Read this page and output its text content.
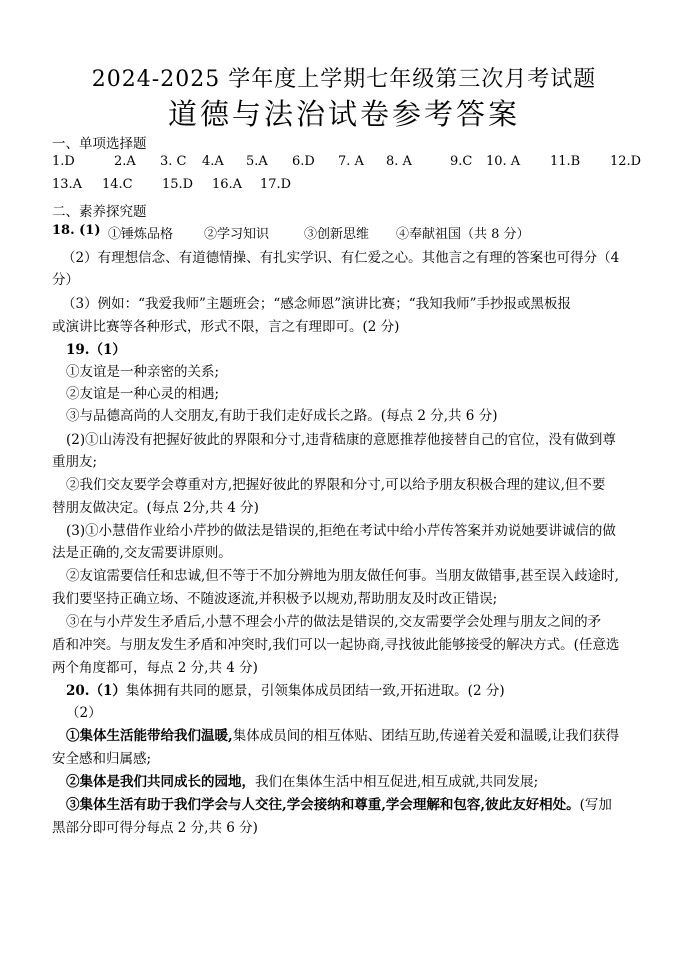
2024-2025 学年度上学期七年级第三次月考试题
道德与法治试卷参考答案
一、单项选择题
1.D	2.A 3. C 4.A 5.A 6.D 7. A 8. A	9.C 10. A 11.B 12.D
13.A 14.C 15.D 16.A 17.D
二、素养探究题
18. (1) ①锤炼品格 ②学习知识	③创新思维 ④奉献祖国（共 8 分）
（2）有理想信念、有道德情操、有扎实学识、有仁爱之心。其他言之有理的答案也可得分（4
分）
（3）例如：“我爱我师”主题班会；“感念师恩”演讲比赛；“我知我师”手抄报或黑板报
或演讲比赛等各种形式，形式不限，言之有理即可。(2 分)
19.（1）
①友谊是一种亲密的关系;
②友谊是一种心灵的相遇;
③与品德高尚的人交朋友,有助于我们走好成长之路。(每点 2 分,共 6 分)
(2)①山涛没有把握好彼此的界限和分寸,违背嵇康的意愿推荐他接替自己的官位，没有做到尊
重朋友;
②我们交友要学会尊重对方,把握好彼此的界限和分寸,可以给予朋友积极合理的建议,但不要
替朋友做决定。(每点 2分,共 4 分)
(3)①小慧借作业给小芹抄的做法是错误的,拒绝在考试中给小芹传答案并劝说她要讲诚信的做
法是正确的,交友需要讲原则。
②友谊需要信任和忠诚,但不等于不加分辨地为朋友做任何事。当朋友做错事,甚至误入歧途时,
我们要坚持正确立场、不随波逐流,并积极予以规劝,帮助朋友及时改正错误;
③在与小芹发生矛盾后,小慧不理会小芹的做法是错误的,交友需要学会处理与朋友之间的矛
盾和冲突。与朋友发生矛盾和冲突时,我们可以一起协商,寻找彼此能够接受的解决方式。(任意选
两个角度都可，每点 2 分,共 4 分)
20.（1）集体拥有共同的愿景，引领集体成员团结一致,开拓进取。(2 分)
（2）
①集体生活能带给我们温暖,集体成员间的相互体贴、团结互助,传递着关爱和温暖,让我们获得
安全感和归属感;
②集体是我们共同成长的园地，我们在集体生活中相互促进,相互成就,共同发展;
③集体生活有助于我们学会与人交往,学会接纳和尊重,学会理解和包容,彼此友好相处。(写加
黑部分即可得分每点 2 分,共 6 分)
